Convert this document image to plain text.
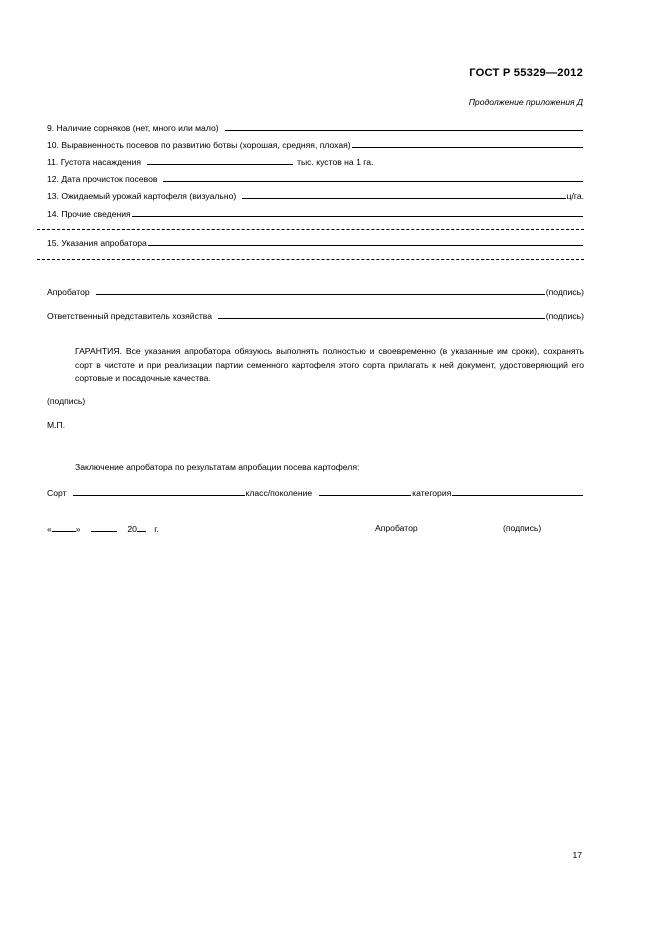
ГОСТ Р 55329—2012
Продолжение приложения Д
9. Наличие сорняков (нет, много или мало)
10. Выравненность посевов по развитию ботвы (хорошая, средняя, плохая)
11. Густота насаждения	тыс. кустов на 1 га.
12. Дата прочисток посевов
13. Ожидаемый урожай картофеля (визуально)	ц/га.
14. Прочие сведения
15. Указания апробатора
Апробатор	(подпись)
Ответственный представитель хозяйства	(подпись)
ГАРАНТИЯ. Все указания апробатора обязуюсь выполнять полностью и своевременно (в указанные им сроки), сохранять сорт в чистоте и при реализации партии семенного картофеля этого сорта прилагать к ней документ, удостоверяющий его сортовые и посадочные качества.
(подпись)
М.П.
Заключение апробатора по результатам апробации посева картофеля:
Сорт	класс/поколение	категория
«	»	20 г.	Апробатор	(подпись)
17
